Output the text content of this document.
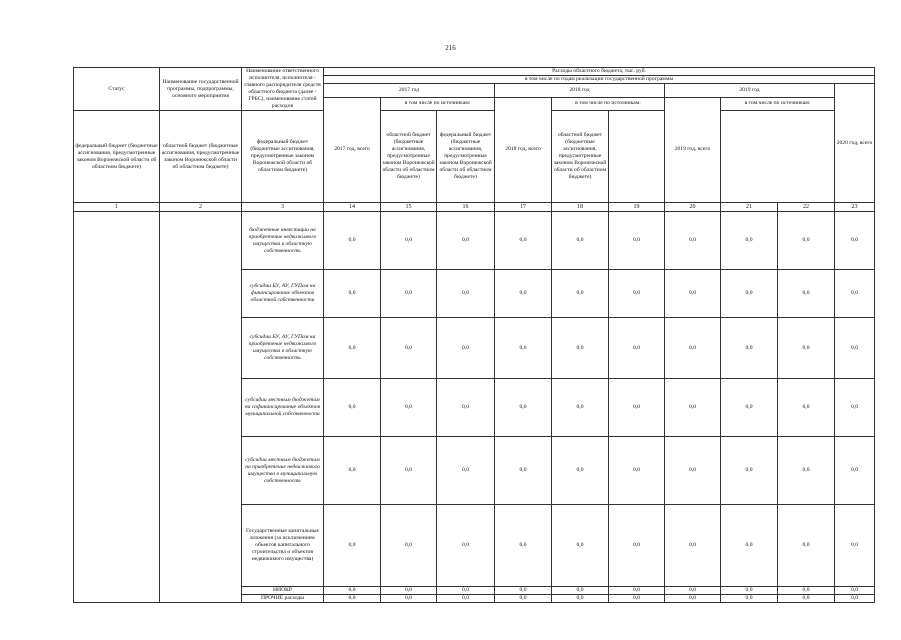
216
Статус	Наименование государственной программы, подпрограммы, основного мероприятия	Наименование ответственного исполнителя, исполнителя - главного распорядителя средств областного бюджета (далее - ГРБС), наименование статей расходов	Расходы областного бюджета, тыс. руб.									
			в том числе по годам реализации государственной программы									
			2017 год			2018 год			2019 год			2020 год, всего
			2017 год, всего	в том числе по источникам:		2018 год, всего	в том числе по источникам:		2019 год, всего	в том числе по источникам:		
федеральный бюджет (бюджетные ассигнования, предусмотренные законом Воронежской области об областном бюджете)	областной бюджет (бюджетные ассигнования, предусмотренные законом Воронежской области об областном бюджете)	федеральный бюджет (бюджетные ассигнования, предусмотренные законом Воронежской области об областном бюджете)		областной бюджет (бюджетные ассигнования, предусмотренные законом Воронежской области об областном бюджете)	федеральный бюджет (бюджетные ассигнования, предусмотренные законом Воронежской области об областном бюджете)		областной бюджет (бюджетные ассигнования, предусмотренные законом Воронежской области об областном бюджете)					
1	2	3	14	15	16	17	18	19	20	21	22	23
		бюджетные инвестиции на приобретение недвижимого имущества в областную собственность	0,0	0,0	0,0	0,0	0,0	0,0	0,0	0,0	0,0	0,0
		субсидии БУ, АУ, ГУПам на финансирование объектов областной собственности	0,0	0,0	0,0	0,0	0,0	0,0	0,0	0,0	0,0	0,0
		субсидии БУ, АУ, ГУПам на приобретение недвижимого имущества в областную собственность	0,0	0,0	0,0	0,0	0,0	0,0	0,0	0,0	0,0	0,0
		субсидии местным бюджетам на софинансирование объектов муниципальной собственности	0,0	0,0	0,0	0,0	0,0	0,0	0,0	0,0	0,0	0,0
		субсидии местным бюджетам на приобретение недвижимого имущества в муниципальную собственность	0,0	0,0	0,0	0,0	0,0	0,0	0,0	0,0	0,0	0,0
		Государственные капитальные вложения (за исключением объектов капитального строительства и объектов недвижимого имущества)	0,0	0,0	0,0	0,0	0,0	0,0	0,0	0,0	0,0	0,0
		НИОКР	0,0	0,0	0,0	0,0	0,0	0,0	0,0	0,0	0,0	0,0
		ПРОЧИЕ расходы	0,0	0,0	0,0	0,0	0,0	0,0	0,0	0,0	0,0	0,0
